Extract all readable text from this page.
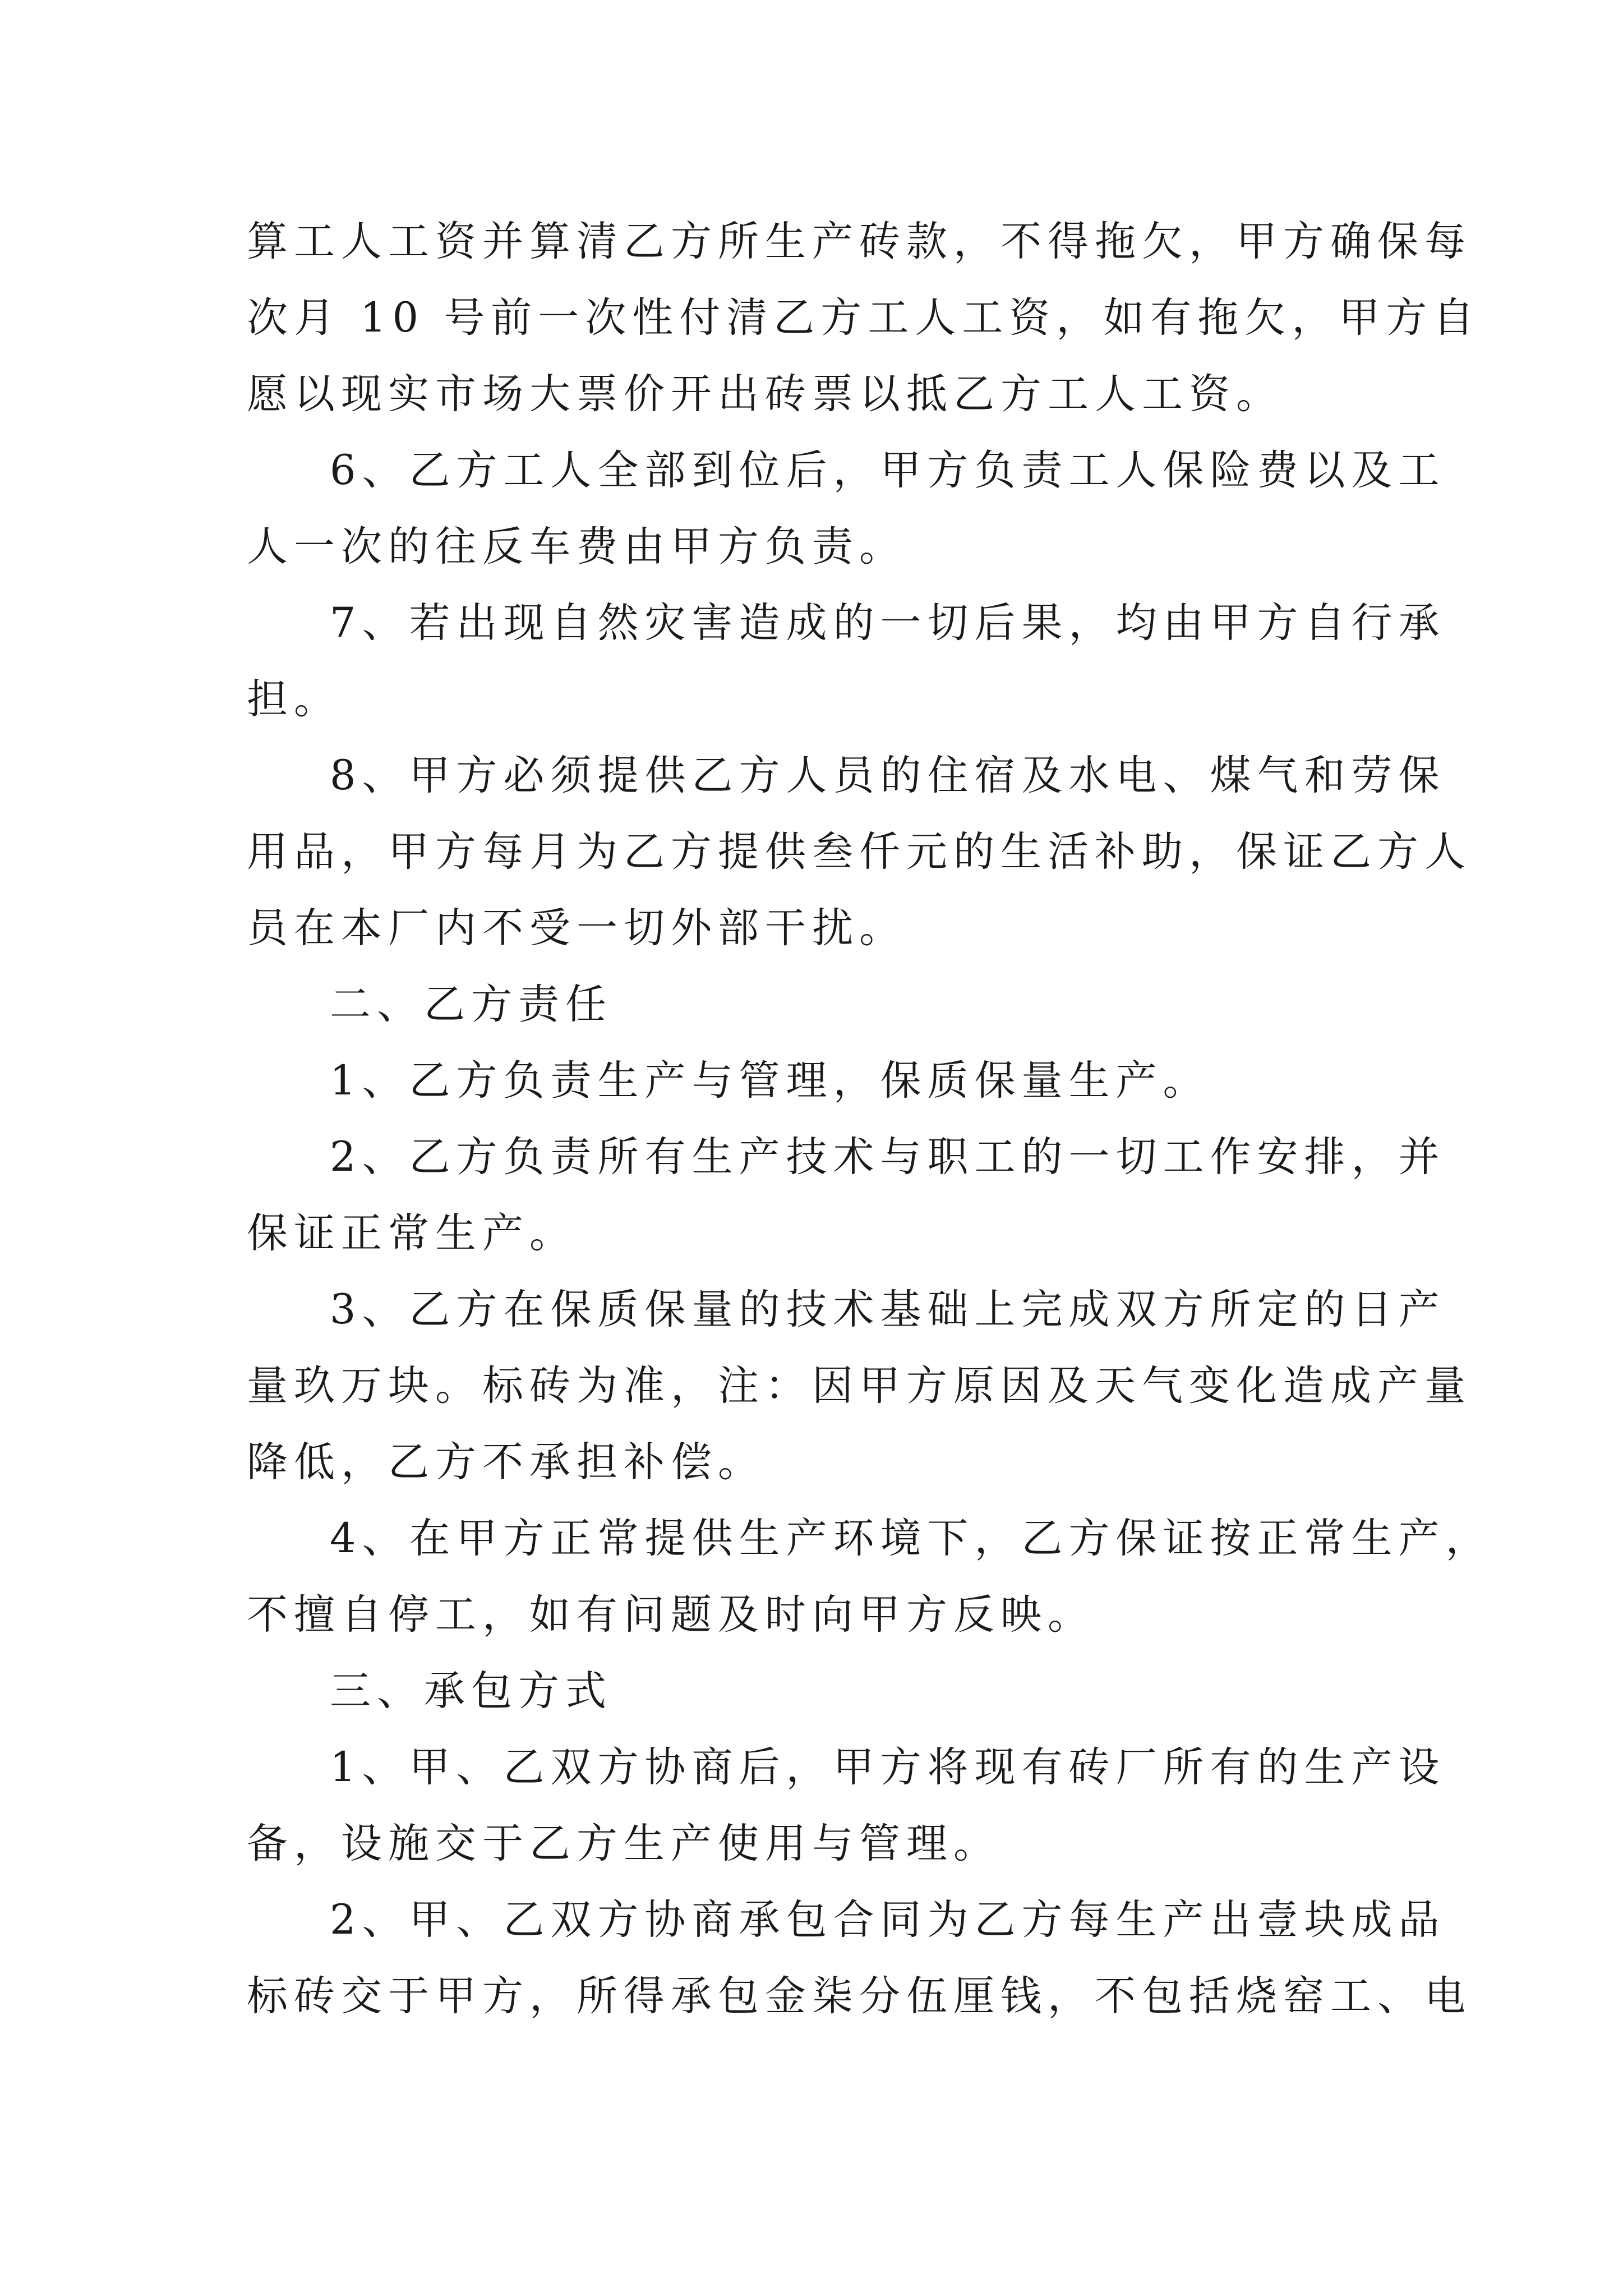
算工人工资并算清乙方所生产砖款，不得拖欠，甲方确保每
次月 10 号前一次性付清乙方工人工资，如有拖欠，甲方自
愿以现实市场大票价开出砖票以抵乙方工人工资。
6、乙方工人全部到位后，甲方负责工人保险费以及工
人一次的往反车费由甲方负责。
7、若出现自然灾害造成的一切后果，均由甲方自行承
担。
8、甲方必须提供乙方人员的住宿及水电、煤气和劳保
用品，甲方每月为乙方提供叁仟元的生活补助，保证乙方人
员在本厂内不受一切外部干扰。
二、乙方责任
1、乙方负责生产与管理，保质保量生产。
2、乙方负责所有生产技术与职工的一切工作安排，并
保证正常生产。
3、乙方在保质保量的技术基础上完成双方所定的日产
量玖万块。标砖为准，注：因甲方原因及天气变化造成产量
降低，乙方不承担补偿。
4、在甲方正常提供生产环境下，乙方保证按正常生产，
不擅自停工，如有问题及时向甲方反映。
三、承包方式
1、甲、乙双方协商后，甲方将现有砖厂所有的生产设
备，设施交于乙方生产使用与管理。
2、甲、乙双方协商承包合同为乙方每生产出壹块成品
标砖交于甲方，所得承包金柒分伍厘钱，不包括烧窑工、电
